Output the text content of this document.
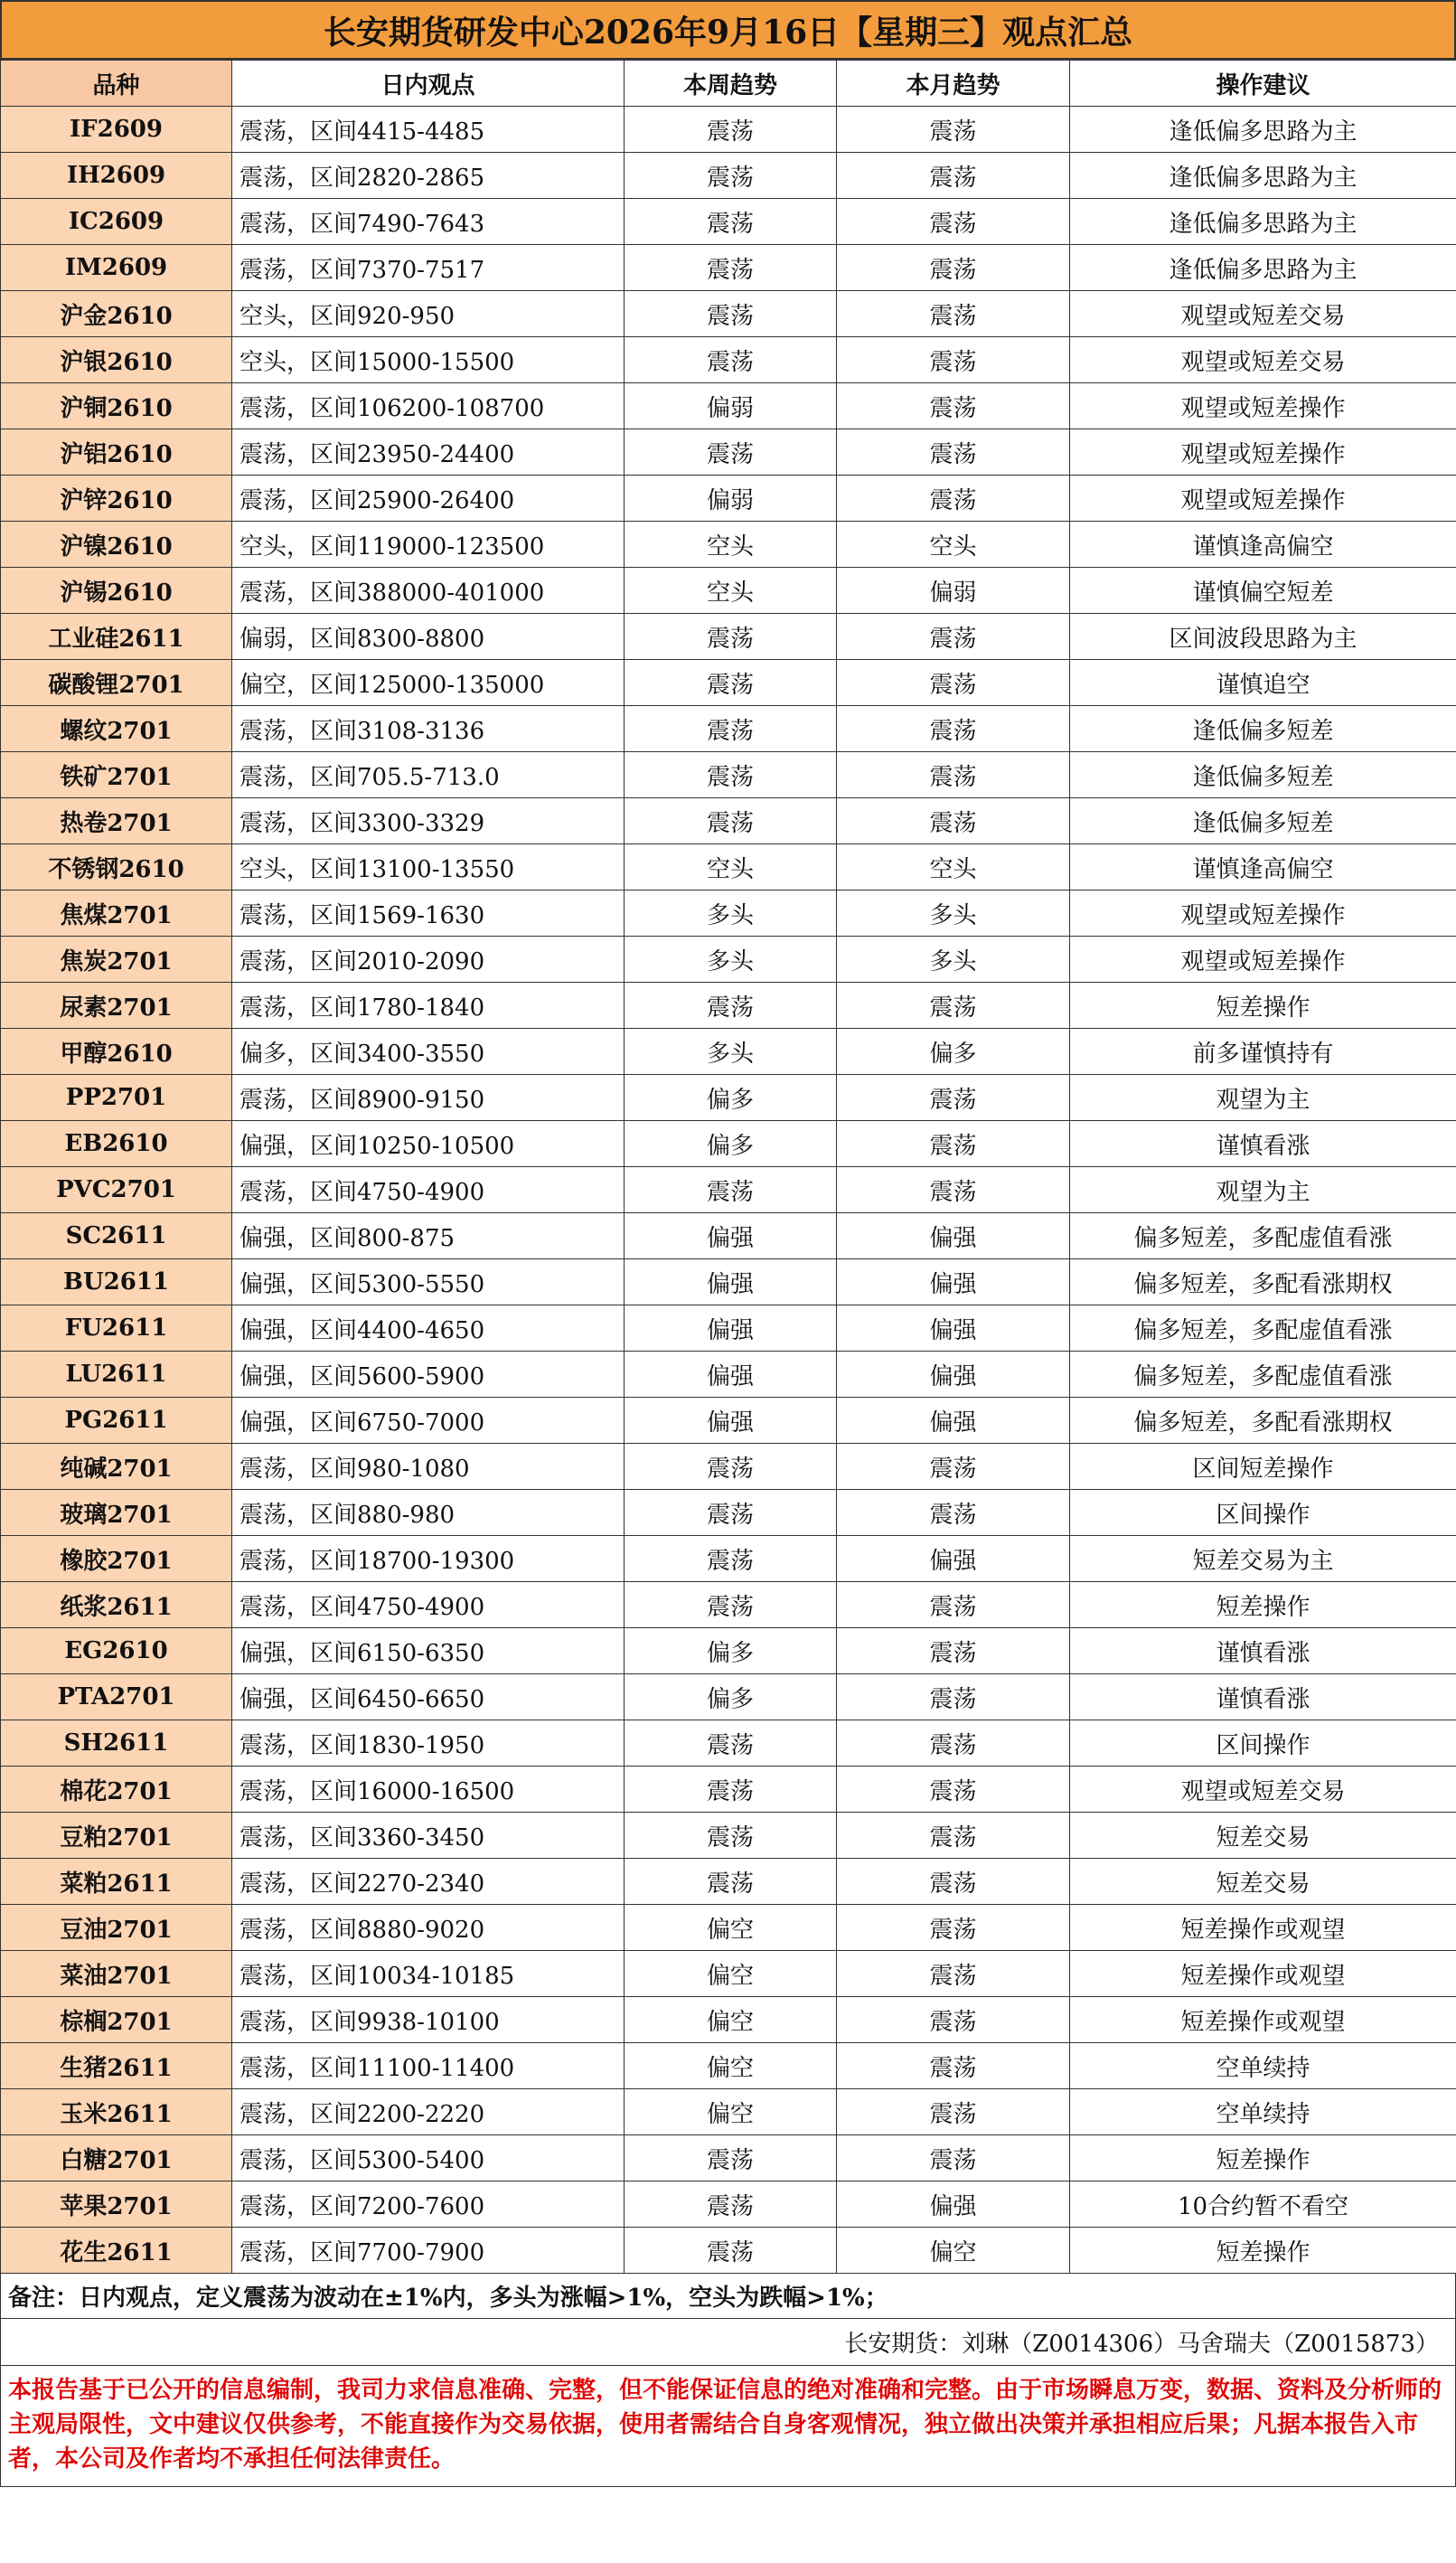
长安期货研发中心2026年9月16日【星期三】观点汇总
品种	日内观点	本周趋势	本月趋势	操作建议
IF2609	震荡，区间4415-4485	震荡	震荡	逢低偏多思路为主
IH2609	震荡，区间2820-2865	震荡	震荡	逢低偏多思路为主
IC2609	震荡，区间7490-7643	震荡	震荡	逢低偏多思路为主
IM2609	震荡，区间7370-7517	震荡	震荡	逢低偏多思路为主
沪金2610	空头，区间920-950	震荡	震荡	观望或短差交易
沪银2610	空头，区间15000-15500	震荡	震荡	观望或短差交易
沪铜2610	震荡，区间106200-108700	偏弱	震荡	观望或短差操作
沪铝2610	震荡，区间23950-24400	震荡	震荡	观望或短差操作
沪锌2610	震荡，区间25900-26400	偏弱	震荡	观望或短差操作
沪镍2610	空头，区间119000-123500	空头	空头	谨慎逢高偏空
沪锡2610	震荡，区间388000-401000	空头	偏弱	谨慎偏空短差
工业硅2611	偏弱，区间8300-8800	震荡	震荡	区间波段思路为主
碳酸锂2701	偏空，区间125000-135000	震荡	震荡	谨慎追空
螺纹2701	震荡，区间3108-3136	震荡	震荡	逢低偏多短差
铁矿2701	震荡，区间705.5-713.0	震荡	震荡	逢低偏多短差
热卷2701	震荡，区间3300-3329	震荡	震荡	逢低偏多短差
不锈钢2610	空头，区间13100-13550	空头	空头	谨慎逢高偏空
焦煤2701	震荡，区间1569-1630	多头	多头	观望或短差操作
焦炭2701	震荡，区间2010-2090	多头	多头	观望或短差操作
尿素2701	震荡，区间1780-1840	震荡	震荡	短差操作
甲醇2610	偏多，区间3400-3550	多头	偏多	前多谨慎持有
PP2701	震荡，区间8900-9150	偏多	震荡	观望为主
EB2610	偏强，区间10250-10500	偏多	震荡	谨慎看涨
PVC2701	震荡，区间4750-4900	震荡	震荡	观望为主
SC2611	偏强，区间800-875	偏强	偏强	偏多短差，多配虚值看涨
BU2611	偏强，区间5300-5550	偏强	偏强	偏多短差，多配看涨期权
FU2611	偏强，区间4400-4650	偏强	偏强	偏多短差，多配虚值看涨
LU2611	偏强，区间5600-5900	偏强	偏强	偏多短差，多配虚值看涨
PG2611	偏强，区间6750-7000	偏强	偏强	偏多短差，多配看涨期权
纯碱2701	震荡，区间980-1080	震荡	震荡	区间短差操作
玻璃2701	震荡，区间880-980	震荡	震荡	区间操作
橡胶2701	震荡，区间18700-19300	震荡	偏强	短差交易为主
纸浆2611	震荡，区间4750-4900	震荡	震荡	短差操作
EG2610	偏强，区间6150-6350	偏多	震荡	谨慎看涨
PTA2701	偏强，区间6450-6650	偏多	震荡	谨慎看涨
SH2611	震荡，区间1830-1950	震荡	震荡	区间操作
棉花2701	震荡，区间16000-16500	震荡	震荡	观望或短差交易
豆粕2701	震荡，区间3360-3450	震荡	震荡	短差交易
菜粕2611	震荡，区间2270-2340	震荡	震荡	短差交易
豆油2701	震荡，区间8880-9020	偏空	震荡	短差操作或观望
菜油2701	震荡，区间10034-10185	偏空	震荡	短差操作或观望
棕榈2701	震荡，区间9938-10100	偏空	震荡	短差操作或观望
生猪2611	震荡，区间11100-11400	偏空	震荡	空单续持
玉米2611	震荡，区间2200-2220	偏空	震荡	空单续持
白糖2701	震荡，区间5300-5400	震荡	震荡	短差操作
苹果2701	震荡，区间7200-7600	震荡	偏强	10合约暂不看空
花生2611	震荡，区间7700-7900	震荡	偏空	短差操作
备注：日内观点，定义震荡为波动在±1%内，多头为涨幅>1%，空头为跌幅>1%；
长安期货：刘琳（Z0014306）马舍瑞夫（Z0015873）
本报告基于已公开的信息编制，我司力求信息准确、完整，但不能保证信息的绝对准确和完整。由于市场瞬息万变，数据、资料及分析师的主观局限性，文中建议仅供参考，不能直接作为交易依据，使用者需结合自身客观情况，独立做出决策并承担相应后果；凡据本报告入市者，本公司及作者均不承担任何法律责任。
